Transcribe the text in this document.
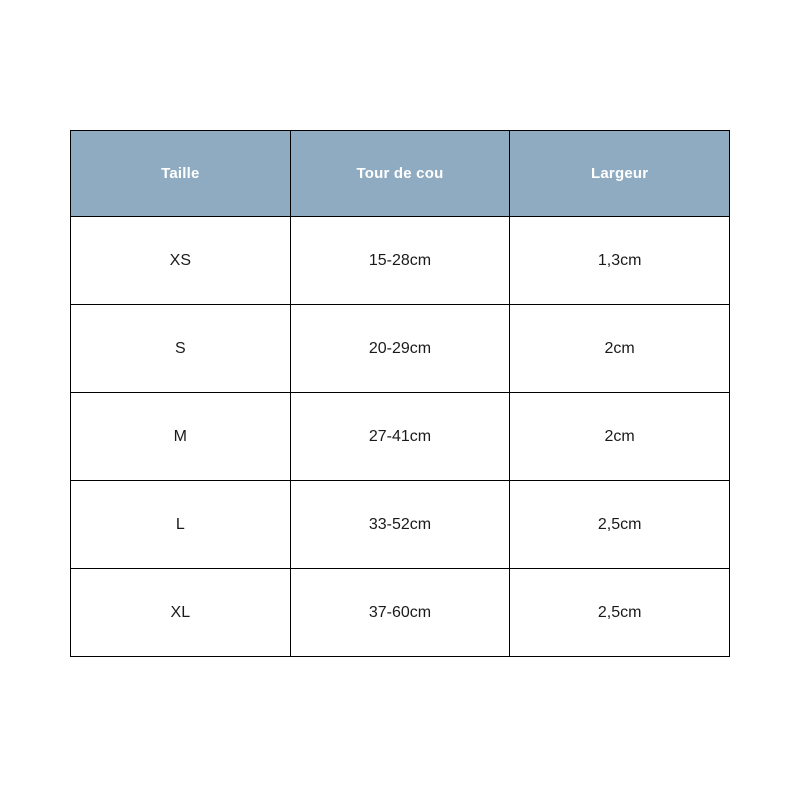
Taille	Tour de cou	Largeur
XS	15-28cm	1,3cm
S	20-29cm	2cm
M	27-41cm	2cm
L	33-52cm	2,5cm
XL	37-60cm	2,5cm
